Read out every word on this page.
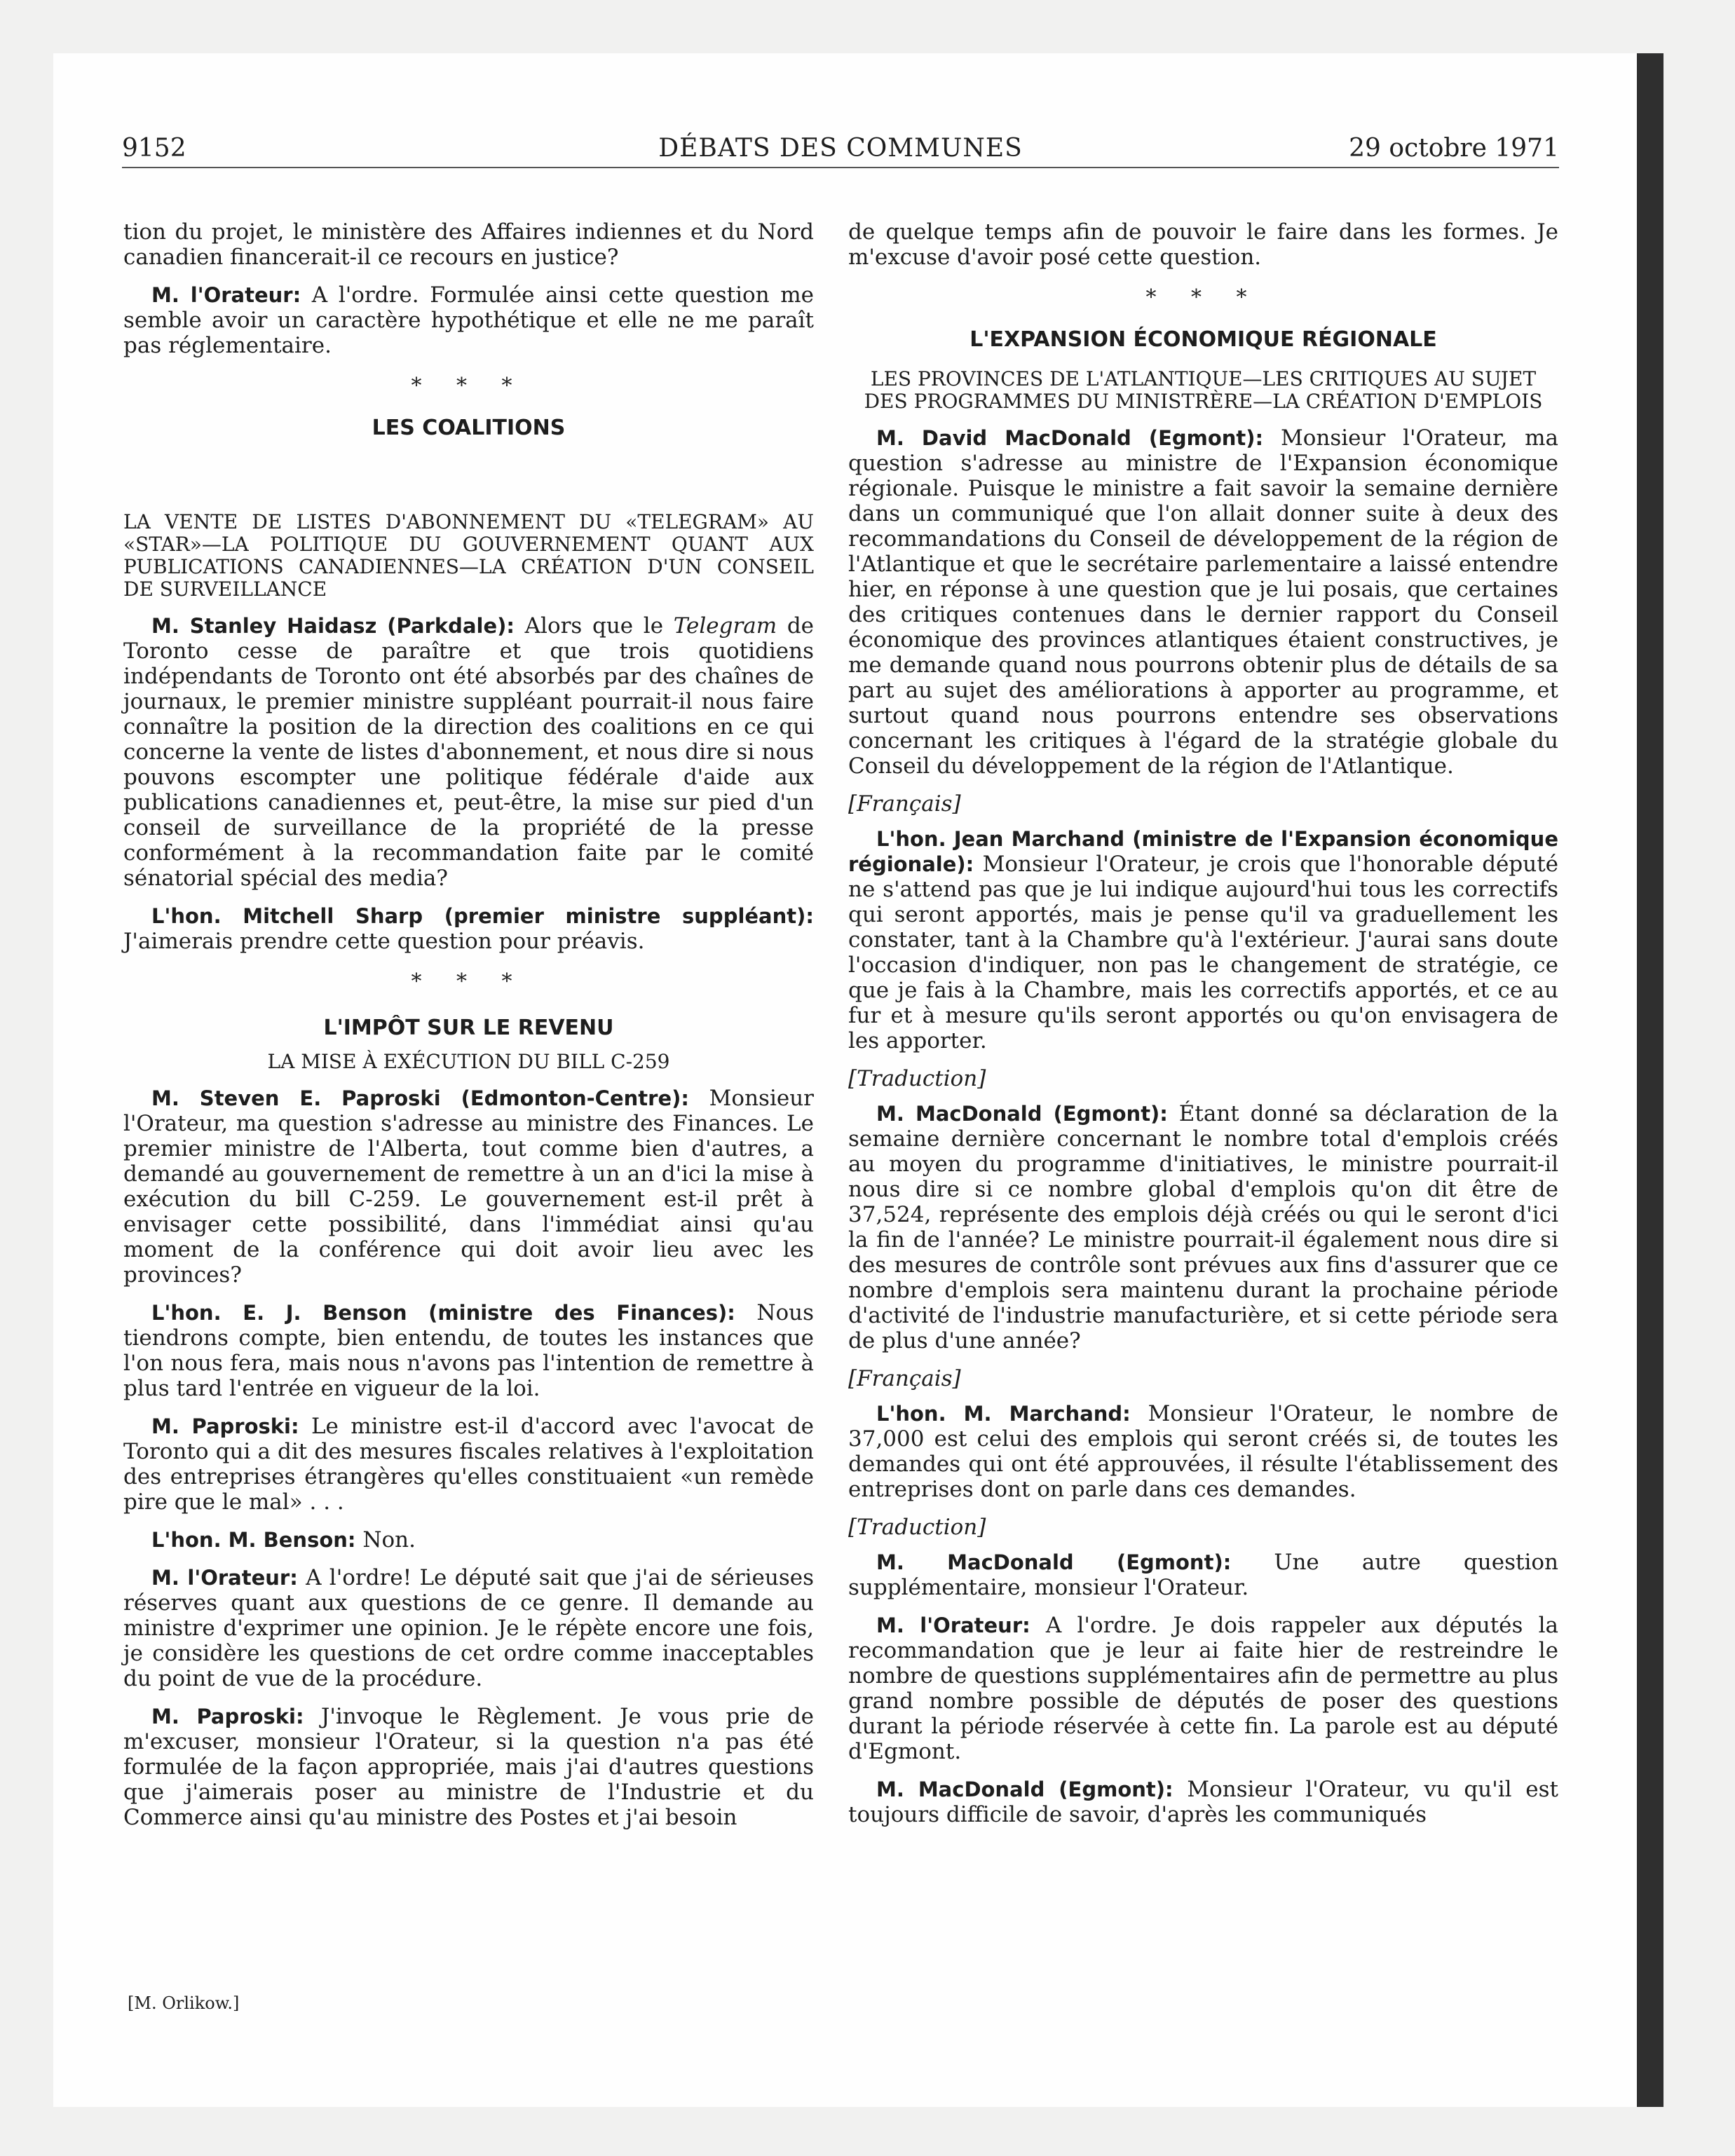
9152	DÉBATS DES COMMUNES	29 octobre 1971

tion du projet, le ministère des Affaires indiennes et du Nord canadien financerait-il ce recours en justice?

M. l'Orateur: A l'ordre. Formulée ainsi cette question me semble avoir un caractère hypothétique et elle ne me paraît pas réglementaire.

* * *
LES COALITIONS
LA VENTE DE LISTES D'ABONNEMENT DU «TELEGRAM» AU «STAR»—LA POLITIQUE DU GOUVERNEMENT QUANT AUX PUBLICATIONS CANADIENNES—LA CRÉATION D'UN CONSEIL DE SURVEILLANCE

M. Stanley Haidasz (Parkdale): Alors que le Telegram de Toronto cesse de paraître et que trois quotidiens indépendants de Toronto ont été absorbés par des chaînes de journaux, le premier ministre suppléant pourrait-il nous faire connaître la position de la direction des coalitions en ce qui concerne la vente de listes d'abonnement, et nous dire si nous pouvons escompter une politique fédérale d'aide aux publications canadiennes et, peut-être, la mise sur pied d'un conseil de surveillance de la propriété de la presse conformément à la recommandation faite par le comité sénatorial spécial des media?

L'hon. Mitchell Sharp (premier ministre suppléant): J'aimerais prendre cette question pour préavis.

* * *
L'IMPÔT SUR LE REVENU
LA MISE À EXÉCUTION DU BILL C-259

M. Steven E. Paproski (Edmonton-Centre): Monsieur l'Orateur, ma question s'adresse au ministre des Finances. Le premier ministre de l'Alberta, tout comme bien d'autres, a demandé au gouvernement de remettre à un an d'ici la mise à exécution du bill C-259. Le gouvernement est-il prêt à envisager cette possibilité, dans l'immédiat ainsi qu'au moment de la conférence qui doit avoir lieu avec les provinces?

L'hon. E. J. Benson (ministre des Finances): Nous tiendrons compte, bien entendu, de toutes les instances que l'on nous fera, mais nous n'avons pas l'intention de remettre à plus tard l'entrée en vigueur de la loi.

M. Paproski: Le ministre est-il d'accord avec l'avocat de Toronto qui a dit des mesures fiscales relatives à l'exploitation des entreprises étrangères qu'elles constituaient «un remède pire que le mal» . . .

L'hon. M. Benson: Non.

M. l'Orateur: A l'ordre! Le député sait que j'ai de sérieuses réserves quant aux questions de ce genre. Il demande au ministre d'exprimer une opinion. Je le répète encore une fois, je considère les questions de cet ordre comme inacceptables du point de vue de la procédure.

M. Paproski: J'invoque le Règlement. Je vous prie de m'excuser, monsieur l'Orateur, si la question n'a pas été formulée de la façon appropriée, mais j'ai d'autres questions que j'aimerais poser au ministre de l'Industrie et du Commerce ainsi qu'au ministre des Postes et j'ai besoin

[M. Orlikow.]

de quelque temps afin de pouvoir le faire dans les formes. Je m'excuse d'avoir posé cette question.

* * *
L'EXPANSION ÉCONOMIQUE RÉGIONALE
LES PROVINCES DE L'ATLANTIQUE—LES CRITIQUES AU SUJET DES PROGRAMMES DU MINISTRÈRE—LA CRÉATION D'EMPLOIS

M. David MacDonald (Egmont): Monsieur l'Orateur, ma question s'adresse au ministre de l'Expansion économique régionale. Puisque le ministre a fait savoir la semaine dernière dans un communiqué que l'on allait donner suite à deux des recommandations du Conseil de développement de la région de l'Atlantique et que le secrétaire parlementaire a laissé entendre hier, en réponse à une question que je lui posais, que certaines des critiques contenues dans le dernier rapport du Conseil économique des provinces atlantiques étaient constructives, je me demande quand nous pourrons obtenir plus de détails de sa part au sujet des améliorations à apporter au programme, et surtout quand nous pourrons entendre ses observations concernant les critiques à l'égard de la stratégie globale du Conseil du développement de la région de l'Atlantique.

[Français]

L'hon. Jean Marchand (ministre de l'Expansion économique régionale): Monsieur l'Orateur, je crois que l'honorable député ne s'attend pas que je lui indique aujourd'hui tous les correctifs qui seront apportés, mais je pense qu'il va graduellement les constater, tant à la Chambre qu'à l'extérieur. J'aurai sans doute l'occasion d'indiquer, non pas le changement de stratégie, ce que je fais à la Chambre, mais les correctifs apportés, et ce au fur et à mesure qu'ils seront apportés ou qu'on envisagera de les apporter.

[Traduction]

M. MacDonald (Egmont): Étant donné sa déclaration de la semaine dernière concernant le nombre total d'emplois créés au moyen du programme d'initiatives, le ministre pourrait-il nous dire si ce nombre global d'emplois qu'on dit être de 37,524, représente des emplois déjà créés ou qui le seront d'ici la fin de l'année? Le ministre pourrait-il également nous dire si des mesures de contrôle sont prévues aux fins d'assurer que ce nombre d'emplois sera maintenu durant la prochaine période d'activité de l'industrie manufacturière, et si cette période sera de plus d'une année?

[Français]

L'hon. M. Marchand: Monsieur l'Orateur, le nombre de 37,000 est celui des emplois qui seront créés si, de toutes les demandes qui ont été approuvées, il résulte l'établissement des entreprises dont on parle dans ces demandes.

[Traduction]

M. MacDonald (Egmont): Une autre question supplémentaire, monsieur l'Orateur.

M. l'Orateur: A l'ordre. Je dois rappeler aux députés la recommandation que je leur ai faite hier de restreindre le nombre de questions supplémentaires afin de permettre au plus grand nombre possible de députés de poser des questions durant la période réservée à cette fin. La parole est au député d'Egmont.

M. MacDonald (Egmont): Monsieur l'Orateur, vu qu'il est toujours difficile de savoir, d'après les communiqués
